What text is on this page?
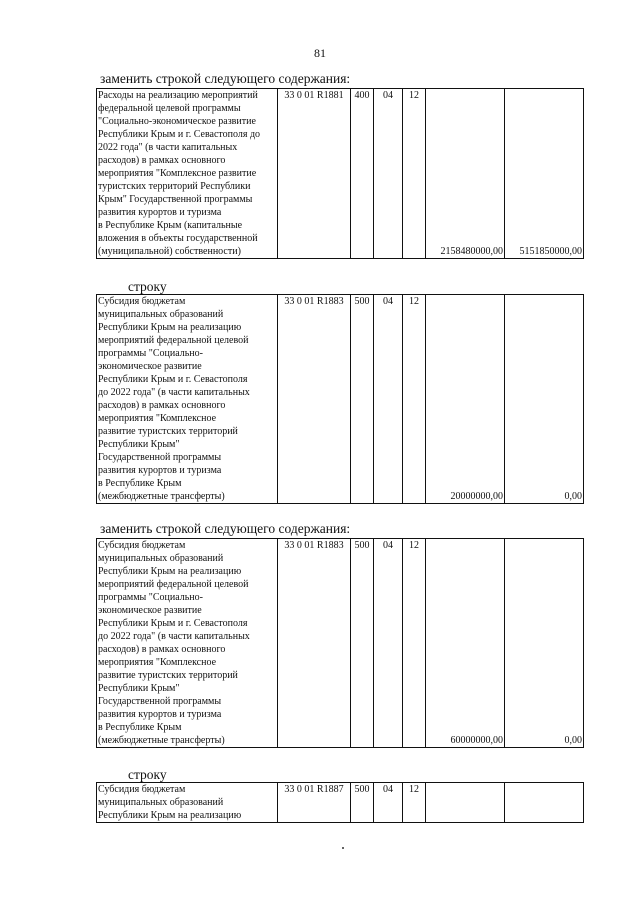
81
заменить строкой следующего содержания:
Расходы на реализацию мероприятий
федеральной целевой программы
"Социально-экономическое развитие
Республики Крым и г. Севастополя до
2022 года" (в части капитальных
расходов) в рамках основного
мероприятия "Комплексное развитие
туристских территорий Республики
Крым" Государственной программы
развития курортов и туризма
в Республике Крым (капитальные
вложения в объекты государственной
(муниципальной) собственности)
	33 0 01 R1881	400	04	12	2158480000,00	5151850000,00
строку
Субсидия бюджетам
муниципальных образований
Республики Крым на реализацию
мероприятий федеральной целевой
программы "Социально-
экономическое развитие
Республики Крым и г. Севастополя
до 2022 года" (в части капитальных
расходов) в рамках основного
мероприятия "Комплексное
развитие туристских территорий
Республики Крым"
Государственной программы
развития курортов и туризма
в Республике Крым
(межбюджетные трансферты)
	33 0 01 R1883	500	04	12	20000000,00	0,00
заменить строкой следующего содержания:
Субсидия бюджетам
муниципальных образований
Республики Крым на реализацию
мероприятий федеральной целевой
программы "Социально-
экономическое развитие
Республики Крым и г. Севастополя
до 2022 года" (в части капитальных
расходов) в рамках основного
мероприятия "Комплексное
развитие туристских территорий
Республики Крым"
Государственной программы
развития курортов и туризма
в Республике Крым
(межбюджетные трансферты)
	33 0 01 R1883	500	04	12	60000000,00	0,00
строку
Субсидия бюджетам
муниципальных образований
Республики Крым на реализацию
	33 0 01 R1887	500	04	12		
